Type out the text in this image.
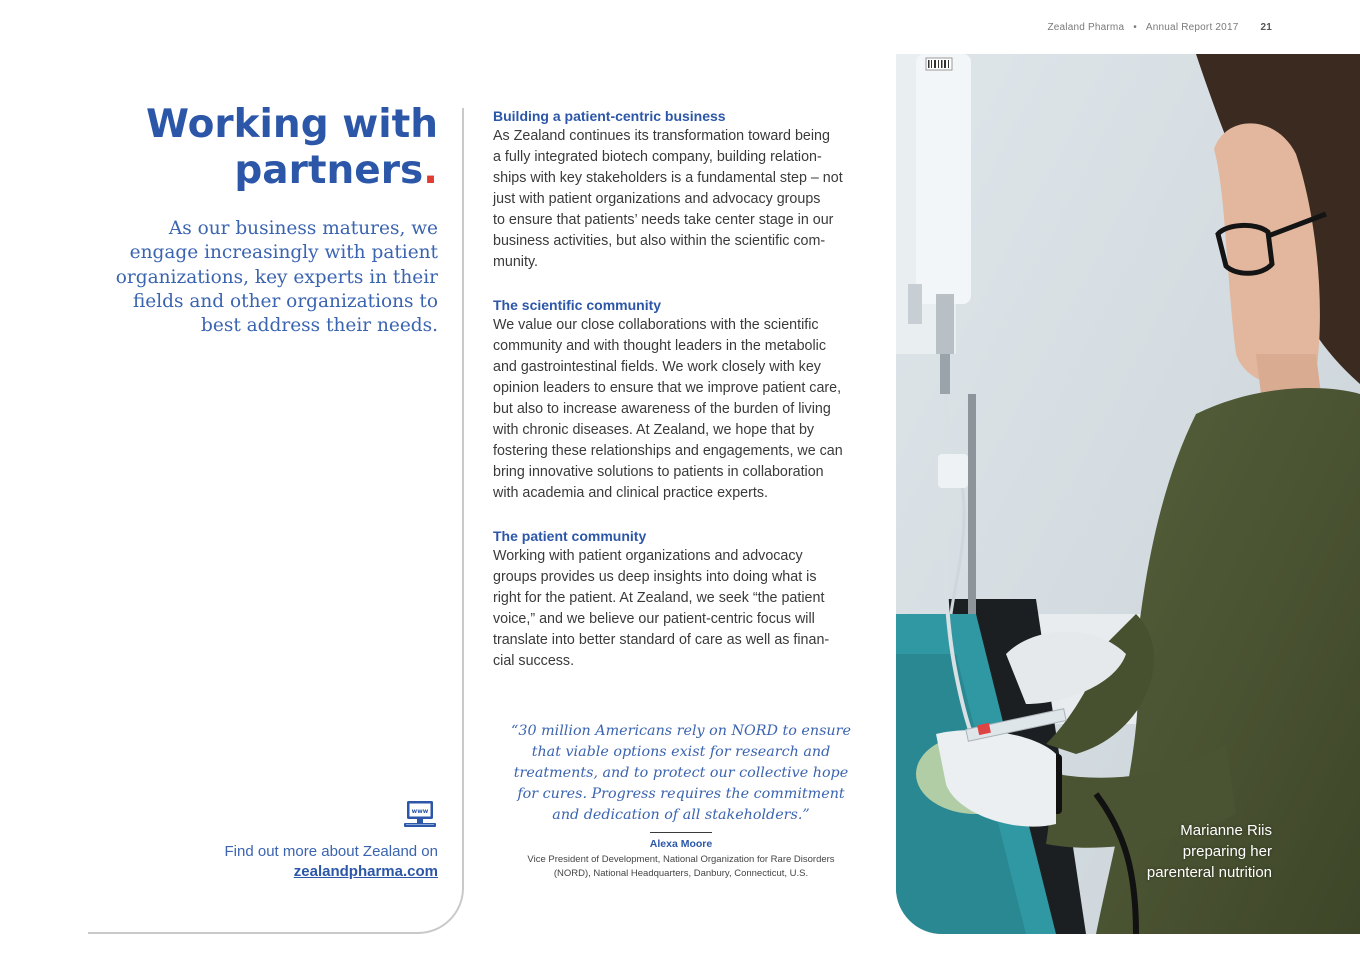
Zealand Pharma • Annual Report 2017 21
Working with
partners.
As our business matures, we engage increasingly with patient organizations, key experts in their fields and other organizations to best address their needs.
www
Find out more about Zealand on
zealandpharma.com
Building a patient-centric business

As Zealand continues its transformation toward being

a fully integrated biotech company, building relation-

ships with key stakeholders is a fundamental step – not

just with patient organizations and advocacy groups

to ensure that patients’ needs take center stage in our

business activities, but also within the scientific com-

munity.

The scientific community

We value our close collaborations with the scientific

community and with thought leaders in the metabolic

and gastrointestinal fields. We work closely with key

opinion leaders to ensure that we improve patient care,

but also to increase awareness of the burden of living

with chronic diseases. At Zealand, we hope that by

fostering these relationships and engagements, we can

bring innovative solutions to patients in collaboration

with academia and clinical practice experts.

The patient community

Working with patient organizations and advocacy

groups provides us deep insights into doing what is

right for the patient. At Zealand, we seek “the patient

voice,” and we believe our patient-centric focus will

translate into better standard of care as well as finan-

cial success.

“30 million Americans rely on NORD to ensure
that viable options exist for research and
treatments, and to protect our collective hope
for cures. Progress requires the commitment
and dedication of all stakeholders.”
Alexa Moore
Vice President of Development, National Organization for Rare Disorders
(NORD), National Headquarters, Danbury, Connecticut, U.S.
Marianne Riis
preparing her
parenteral nutrition
